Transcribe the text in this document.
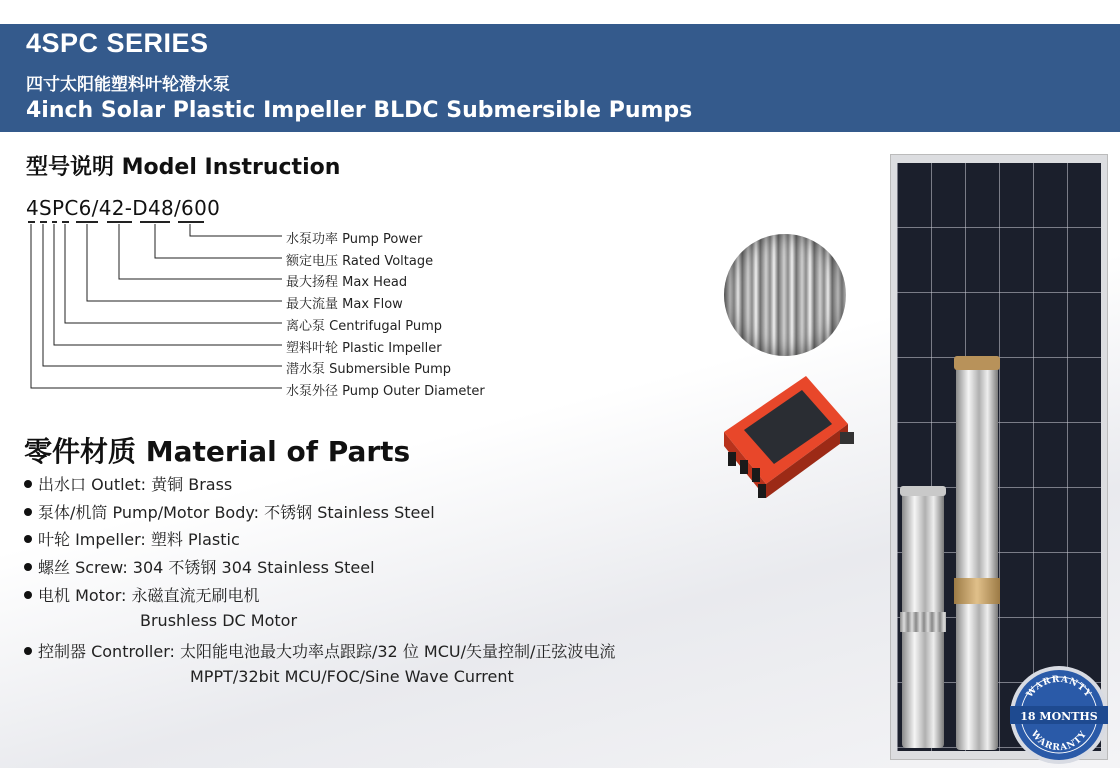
4SPC SERIES
四寸太阳能塑料叶轮潜水泵
4inch Solar Plastic Impeller BLDC Submersible Pumps
型号说明 Model Instruction
4SPC6/42-D48/600
水泵功率 Pump Power
额定电压 Rated Voltage
最大扬程 Max Head
最大流量 Max Flow
离心泵 Centrifugal Pump
塑料叶轮 Plastic Impeller
潜水泵 Submersible Pump
水泵外径 Pump Outer Diameter
零件材质 Material of Parts
出水口 Outlet: 黄铜 Brass
泵体/机筒 Pump/Motor Body: 不锈钢 Stainless Steel
叶轮 Impeller: 塑料 Plastic
螺丝 Screw: 304 不锈钢 304 Stainless Steel
电机 Motor: 永磁直流无刷电机
Brushless DC Motor
控制器 Controller: 太阳能电池最大功率点跟踪/32 位 MCU/矢量控制/正弦波电流
MPPT/32bit MCU/FOC/Sine Wave Current
WARRANTY
18 MONTHS
WARRANTY
